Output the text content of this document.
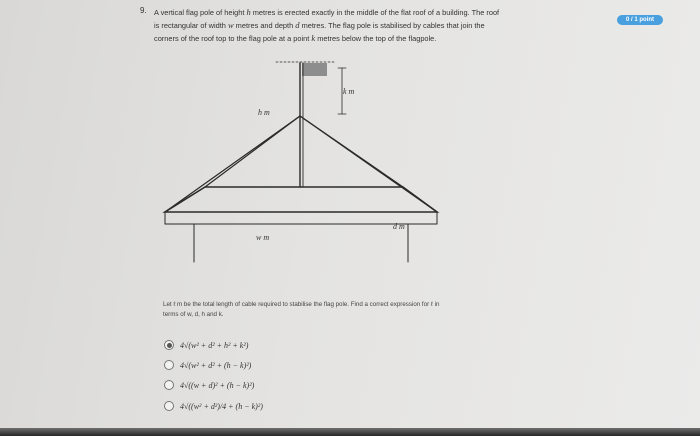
9. A vertical flag pole of height h metres is erected exactly in the middle of the flat roof of a building. The roof
is rectangular of width w metres and depth d metres. The flag pole is stabilised by cables that join the
corners of the roof top to the flag pole at a point k metres below the top of the flagpole.
0 / 1 point
k m
h m
d m
w m
Let ℓ m be the total length of cable required to stabilise the flag pole. Find a correct expression for ℓ in
terms of w, d, h and k.
4√(w² + d² + h² + k²)
4√(w² + d² + (h − k)²)
4√((w + d)² + (h − k)²)
4√((w² + d²)/4 + (h − k)²)
